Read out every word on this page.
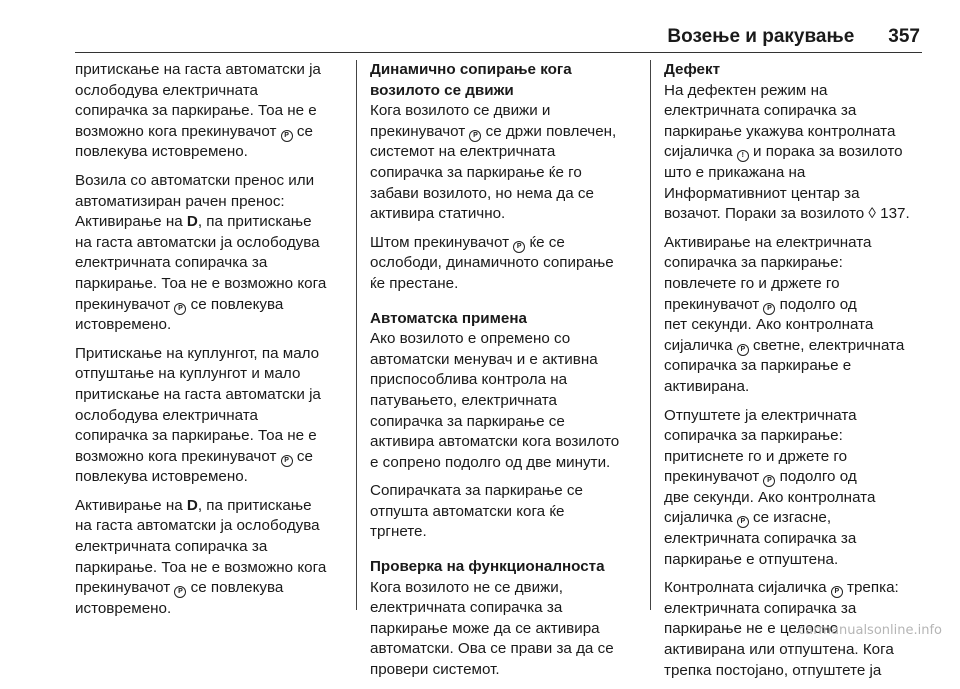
Возење и ракување 357

притискање на гаста автоматски ја
ослободува електричната
сопирачка за паркирање. Тоа не е
возможно кога прекинувачот P се
повлекува истовремено.

Возила со автоматски пренос или
автоматизиран рачен пренос:
Активирање на D, па притискање
на гаста автоматски ја ослободува
електричната сопирачка за
паркирање. Тоа не е возможно кога
прекинувачот P се повлекува
истовремено.

Притискање на куплунгот, па мало
отпуштање на куплунгот и мало
притискање на гаста автоматски ја
ослободува електричната
сопирачка за паркирање. Тоа не е
возможно кога прекинувачот P се
повлекува истовремено.

Активирање на D, па притискање
на гаста автоматски ја ослободува
електричната сопирачка за
паркирање. Тоа не е возможно кога
прекинувачот P се повлекува
истовремено.

Динамично сопирање кога
возилото се движи

Кога возилото се движи и
прекинувачот P се држи повлечен,
системот на електричната
сопирачка за паркирање ќе го
забави возилото, но нема да се
активира статично.

Штом прекинувачот P ќе се
ослободи, динамичното сопирање
ќе престане.

Автоматска примена

Ако возилото е опремено со
автоматски менувач и е активна
приспособлива контрола на
патувањето, електричната
сопирачка за паркирање се
активира автоматски кога возилото
е сопрено подолго од две минути.

Сопирачката за паркирање се
отпушта автоматски кога ќе
тргнете.

Проверка на функционалноста

Кога возилото не се движи,
електричната сопирачка за
паркирање може да се активира
автоматски. Ова се прави за да се
провери системот.

Дефект

На дефектен режим на
електричната сопирачка за
паркирање укажува контролната
сијаличка ! и порака за возилото
што е прикажана на
Информативниот центар за
возачот. Пораки за возилото ◊ 137.

Активирање на електричната
сопирачка за паркирање:
повлечете го и држете го
прекинувачот P подолго од
пет секунди. Ако контролната
сијаличка P светне, електричната
сопирачка за паркирање е
активирана.

Отпуштете ја електричната
сопирачка за паркирање:
притиснете го и држете го
прекинувачот P подолго од
две секунди. Ако контролната
сијаличка P се изгасне,
електричната сопирачка за
паркирање е отпуштена.

Контролната сијаличка P трепка:
електричната сопирачка за
паркирање не е целосно
активирана или отпуштена. Кога
трепка постојано, отпуштете ја

carmanualsonline.info
